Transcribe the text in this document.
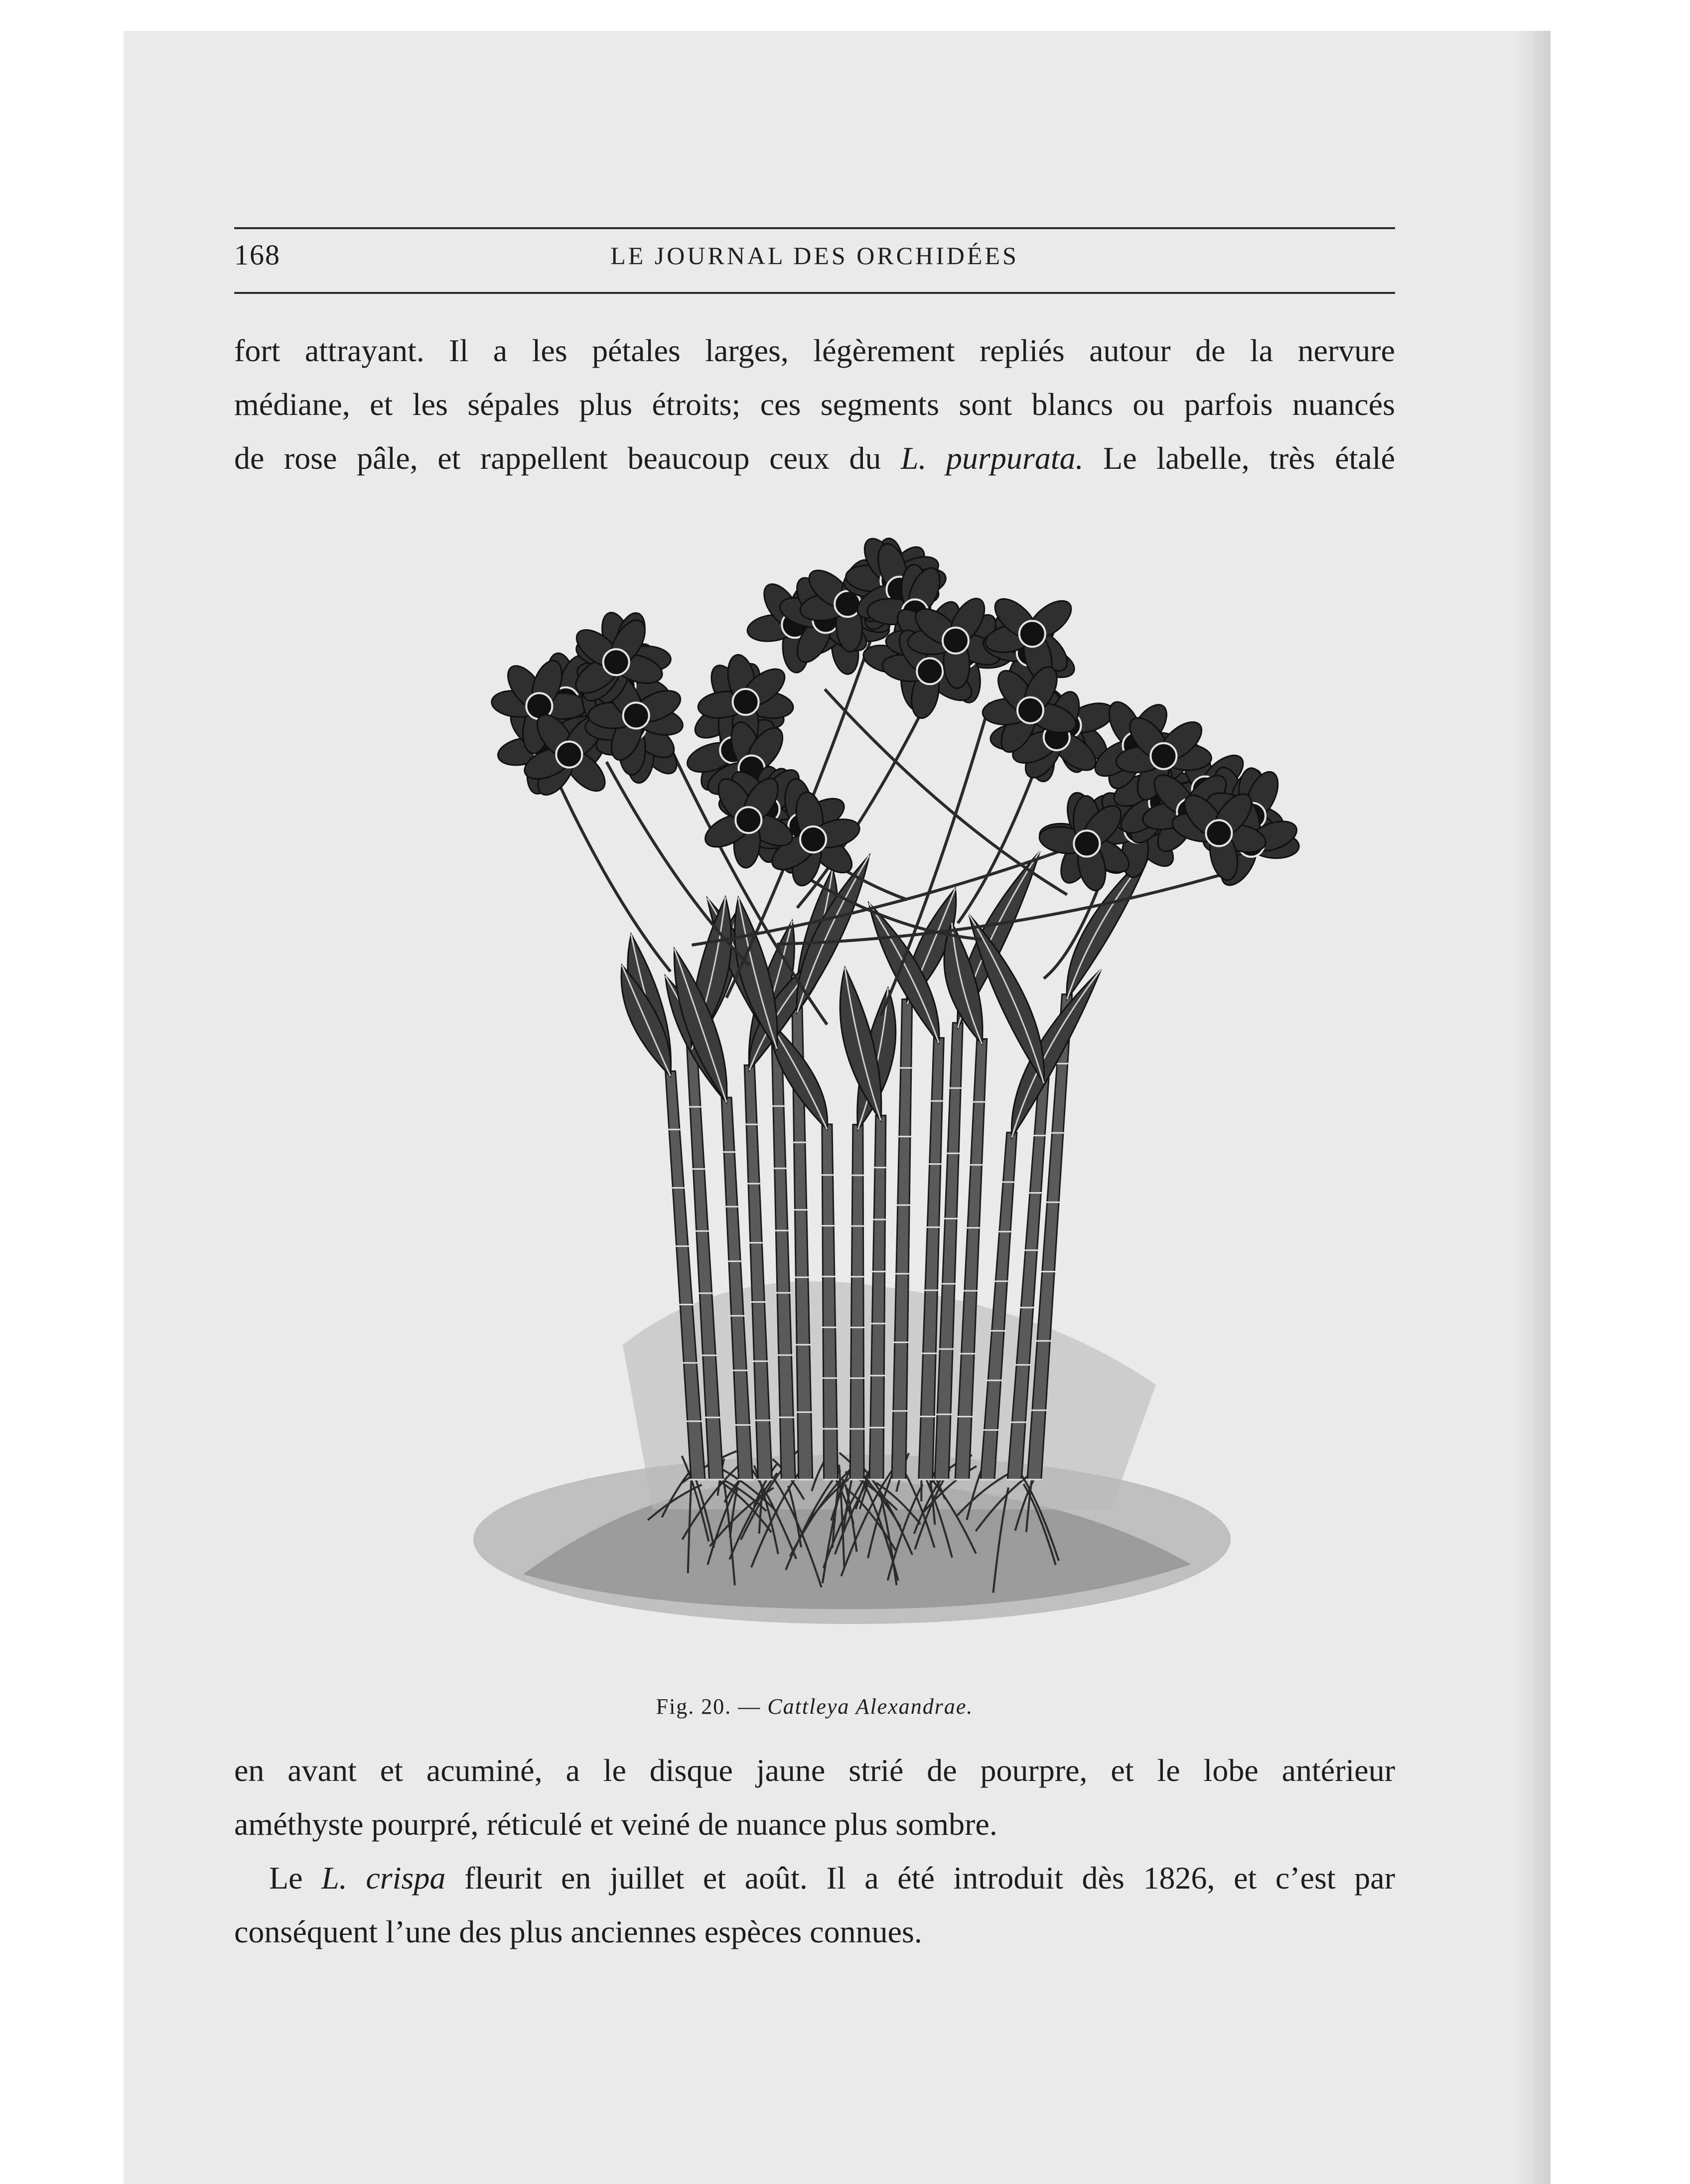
168	LE JOURNAL DES ORCHIDÉES
fort attrayant. Il a les pétales larges, légèrement repliés autour de la nervure
médiane, et les sépales plus étroits; ces segments sont blancs ou parfois nuancés
de rose pâle, et rappellent beaucoup ceux du L. purpurata. Le labelle, très étalé
Fig. 20. — Cattleya Alexandrae.
en avant et acuminé, a le disque jaune strié de pourpre, et le lobe antérieur
améthyste pourpré, réticulé et veiné de nuance plus sombre.
Le L. crispa fleurit en juillet et août. Il a été introduit dès 1826, et c’est par
conséquent l’une des plus anciennes espèces connues.
